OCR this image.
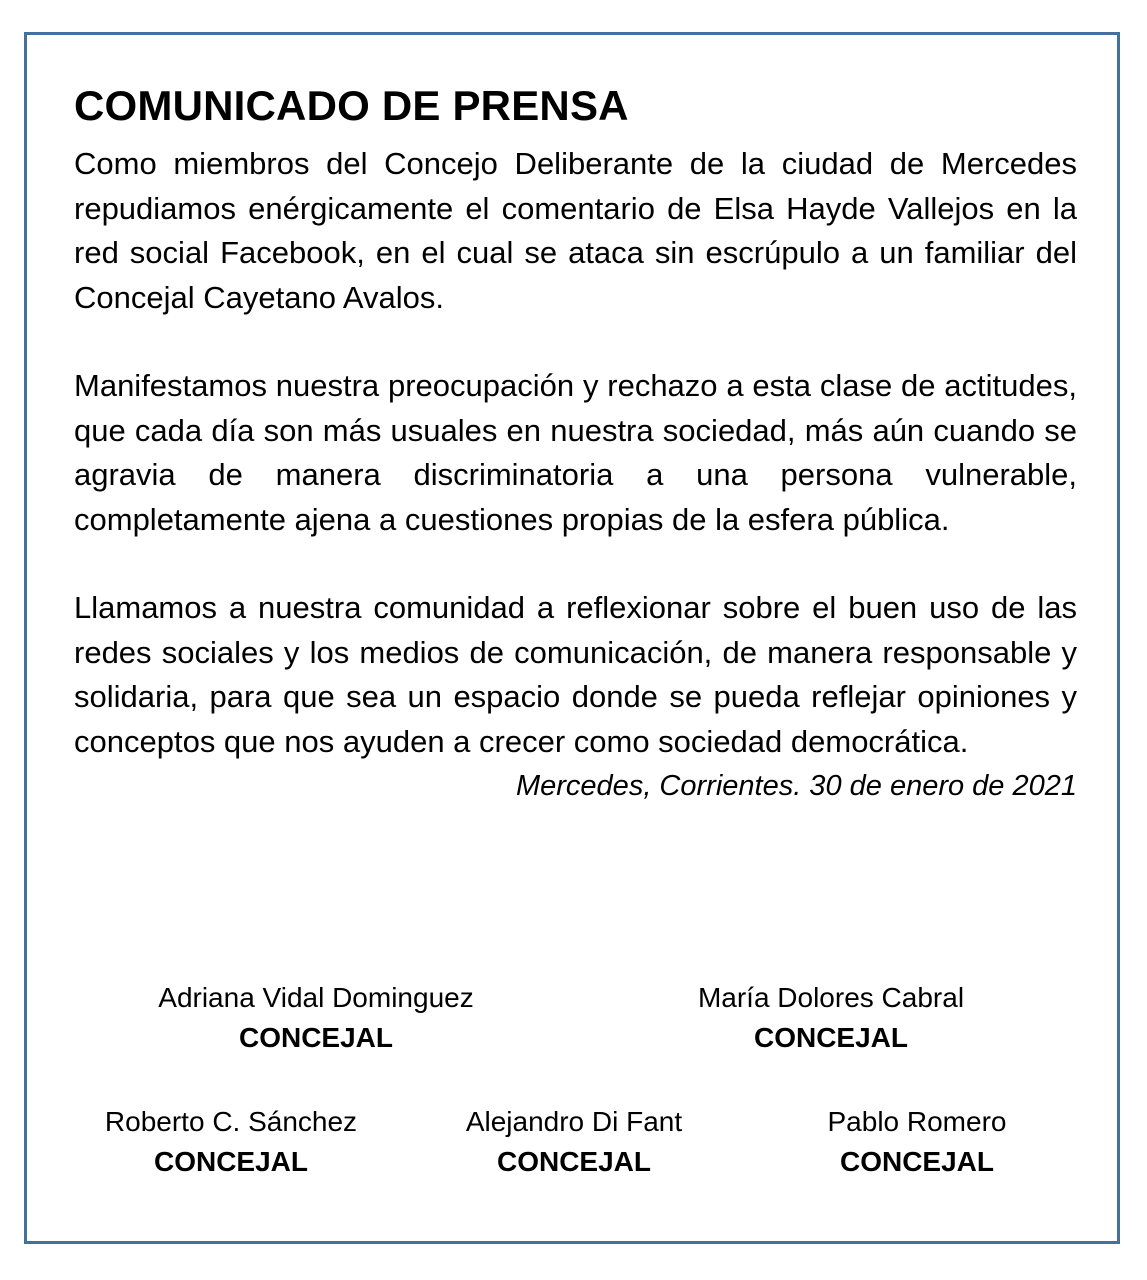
COMUNICADO DE PRENSA

Como miembros del Concejo Deliberante de la ciudad de Mercedes repudiamos enérgicamente el comentario de Elsa Hayde Vallejos en la red social Facebook, en el cual se ataca sin escrúpulo a un familiar del Concejal Cayetano Avalos.

Manifestamos nuestra preocupación y rechazo a esta clase de actitudes, que cada día son más usuales en nuestra sociedad, más aún cuando se agravia de manera discriminatoria a una persona vulnerable, completamente ajena a cuestiones propias de la esfera pública.

Llamamos a nuestra comunidad a reflexionar sobre el buen uso de las redes sociales y los medios de comunicación, de manera responsable y solidaria, para que sea un espacio donde se pueda reflejar opiniones y conceptos que nos ayuden a crecer como sociedad democrática.

Mercedes, Corrientes. 30 de enero de 2021
Adriana Vidal Dominguez
CONCEJAL
María Dolores Cabral
CONCEJAL
Roberto C. Sánchez
CONCEJAL
Alejandro Di Fant
CONCEJAL
Pablo Romero
CONCEJAL
